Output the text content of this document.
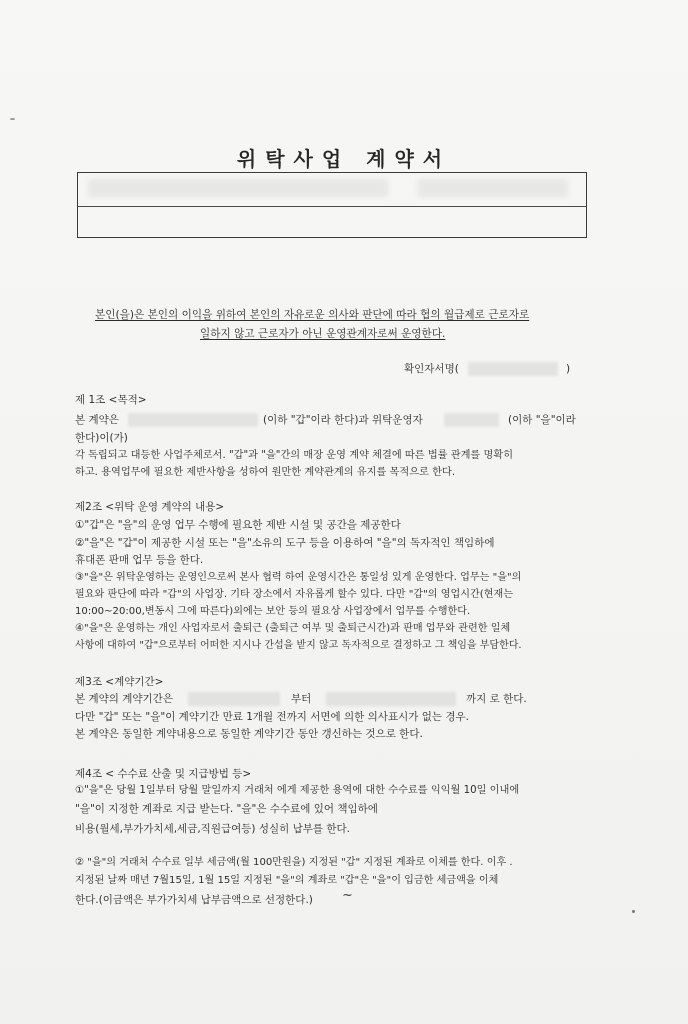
위탁사업 계약서
본인(을)은 본인의 이익을 위하여 본인의 자유로운 의사와 판단에 따라 협의 월급제로 근로자로
일하지 않고 근로자가 아닌 운영관계자로써 운영한다.
확인자서명(
	)
제 1조 <목적>
본 계약은
	(이하 "갑"이라 한다)과 위탁운영자
	(이하 "을"이라
한다)이(가)
각 독립되고 대등한 사업주체로서. "갑"과 "을"간의 매장 운영 계약 체결에 따른 법률 관계를 명확히
하고. 용역업무에 필요한 제반사항을 성하여 원만한 계약관계의 유지를 목적으로 한다.
제2조 <위탁 운영 계약의 내용>
①"갑"은 "을"의 운영 업무 수행에 필요한 제반 시설 및 공간을 제공한다
②"을"은 "갑"이 제공한 시설 또는 "을"소유의 도구 등을 이용하여 "을"의 독자적인 책임하에
휴대폰 판매 업무 등을 한다.
③"을"은 위탁운영하는 운영인으로써 본사 협력 하여 운영시간은 통일성 있게 운영한다. 업무는 "을"의
필요와 판단에 따라 "갑"의 사업장. 기타 장소에서 자유롭게 할수 있다. 다만 "갑"의 영업시간(현재는
10:00~20:00,변동시 그에 따른다)외에는 보안 등의 필요상 사업장에서 업무를 수행한다.
④"을"은 운영하는 개인 사업자로서 출퇴근 (출퇴근 여부 및 출퇴근시간)과 판매 업무와 관련한 일체
사항에 대하여 "갑"으로부터 어떠한 지시나 간섭을 받지 않고 독자적으로 결정하고 그 책임을 부담한다.
제3조 <계약기간>
본 계약의 계약기간은
	부터
	까지 로 한다.
다만 "갑" 또는 "을"이 계약기간 만료 1개월 전까지 서면에 의한 의사표시가 없는 경우.
본 계약은 동일한 계약내용으로 동일한 계약기간 동안 갱신하는 것으로 한다.
제4조 < 수수료 산출 및 지급방법 등>
①"을"은 당월 1일부터 당월 말일까지 거래처 에게 제공한 용역에 대한 수수료를 익익월 10일 이내에
"을"이 지정한 계좌로 지급 받는다. "을"은 수수료에 있어 책임하에
비용(월세,부가가치세,세금,직원급여등) 성실히 납부를 한다.
② "을"의 거래처 수수료 일부 세금액(월 100만원을) 지정된 "갑" 지정된 계좌로 이체를 한다. 이후 .
지정된 날짜 매년 7월15일, 1월 15일 지정된 "을"의 계좌로 "갑"은 "을"이 입금한 세금액을 이체
한다.(이금액은 부가가치세 납부금액으로 선정한다.) ~
